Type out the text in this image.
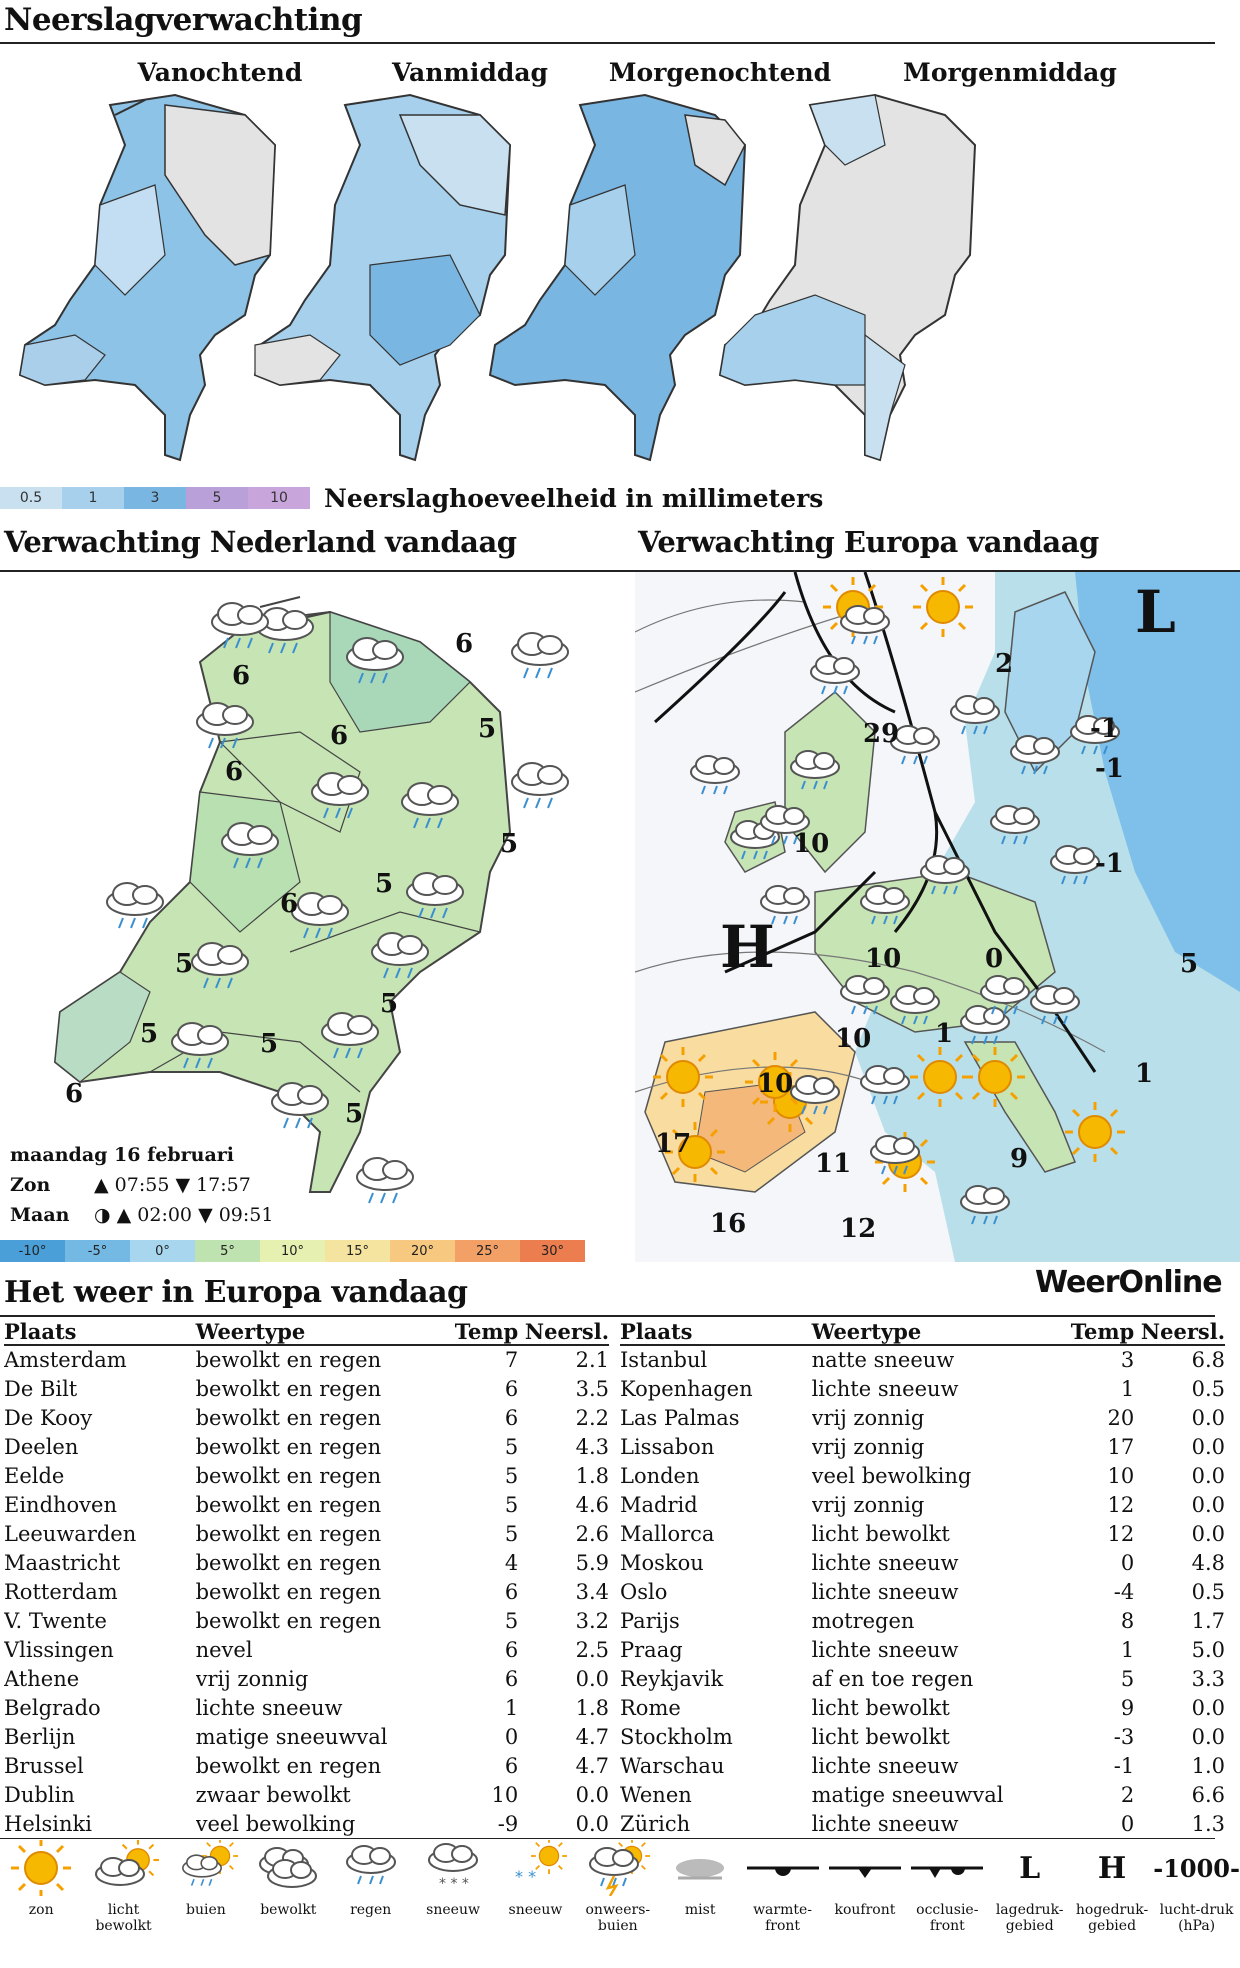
Neerslagverwachting
Vanochtend	Vanmiddag	Morgenochtend	Morgenmiddag
0.5	1	3	5	10	Neerslaghoeveelheid in millimeters
Verwachting Nederland vandaag	Verwachting Europa vandaag
6
6
6	5
5
5
6
5
6
5
5
5
6
5
maandag 16 februari
Zon	▲ 07:55 ▼ 17:57
Maan ◑ ▲ 02:00 ▼ 09:51
-10°	-5°	0°	5°	10°	15°	20°	25°	30°
2
-1
29
10
10	0
10 1
10
11
17
16	12
9
-1
-1
5
1
H
L
WeerOnline
Het weer in Europa vandaag
Plaats	Weertype	Temp	Neersl.
Amsterdam	bewolkt en regen	7	2.1
De Bilt	bewolkt en regen	6	3.5
De Kooy	bewolkt en regen	6	2.2
Deelen	bewolkt en regen	5	4.3
Eelde	bewolkt en regen	5	1.8
Eindhoven	bewolkt en regen	5	4.6
Leeuwarden	bewolkt en regen	5	2.6
Maastricht	bewolkt en regen	4	5.9
Rotterdam	bewolkt en regen	6	3.4
V. Twente	bewolkt en regen	5	3.2
Vlissingen	nevel	6	2.5
Athene	vrij zonnig	6	0.0
Belgrado	lichte sneeuw	1	1.8
Berlijn	matige sneeuwval	0	4.7
Brussel	bewolkt en regen	6	4.7
Dublin	zwaar bewolkt	10	0.0
Helsinki	veel bewolking	-9	0.0
Plaats	Weertype	Temp	Neersl.
Istanbul	natte sneeuw	3	6.8
Kopenhagen	lichte sneeuw	1	0.5
Las Palmas	vrij zonnig	20	0.0
Lissabon	vrij zonnig	17	0.0
Londen	veel bewolking	10	0.0
Madrid	vrij zonnig	12	0.0
Mallorca	licht bewolkt	12	0.0
Moskou	lichte sneeuw	0	4.8
Oslo	lichte sneeuw	-4	0.5
Parijs	motregen	8	1.7
Praag	lichte sneeuw	1	5.0
Reykjavik	af en toe regen	5	3.3
Rome	licht bewolkt	9	0.0
Stockholm	licht bewolkt	-3	0.0
Warschau	lichte sneeuw	-1	1.0
Wenen	matige sneeuwval	2	6.6
Zürich	lichte sneeuw	0	1.3
zon	licht bewolkt
buien bewolkt regen
* * *
sneeuw
* *
sneeuw	onweers-buien
mist	warmte-front
koufront	occlusie-front
L
lagedruk-gebied
H
hogedruk-gebied
-1000-
lucht-druk (hPa)
